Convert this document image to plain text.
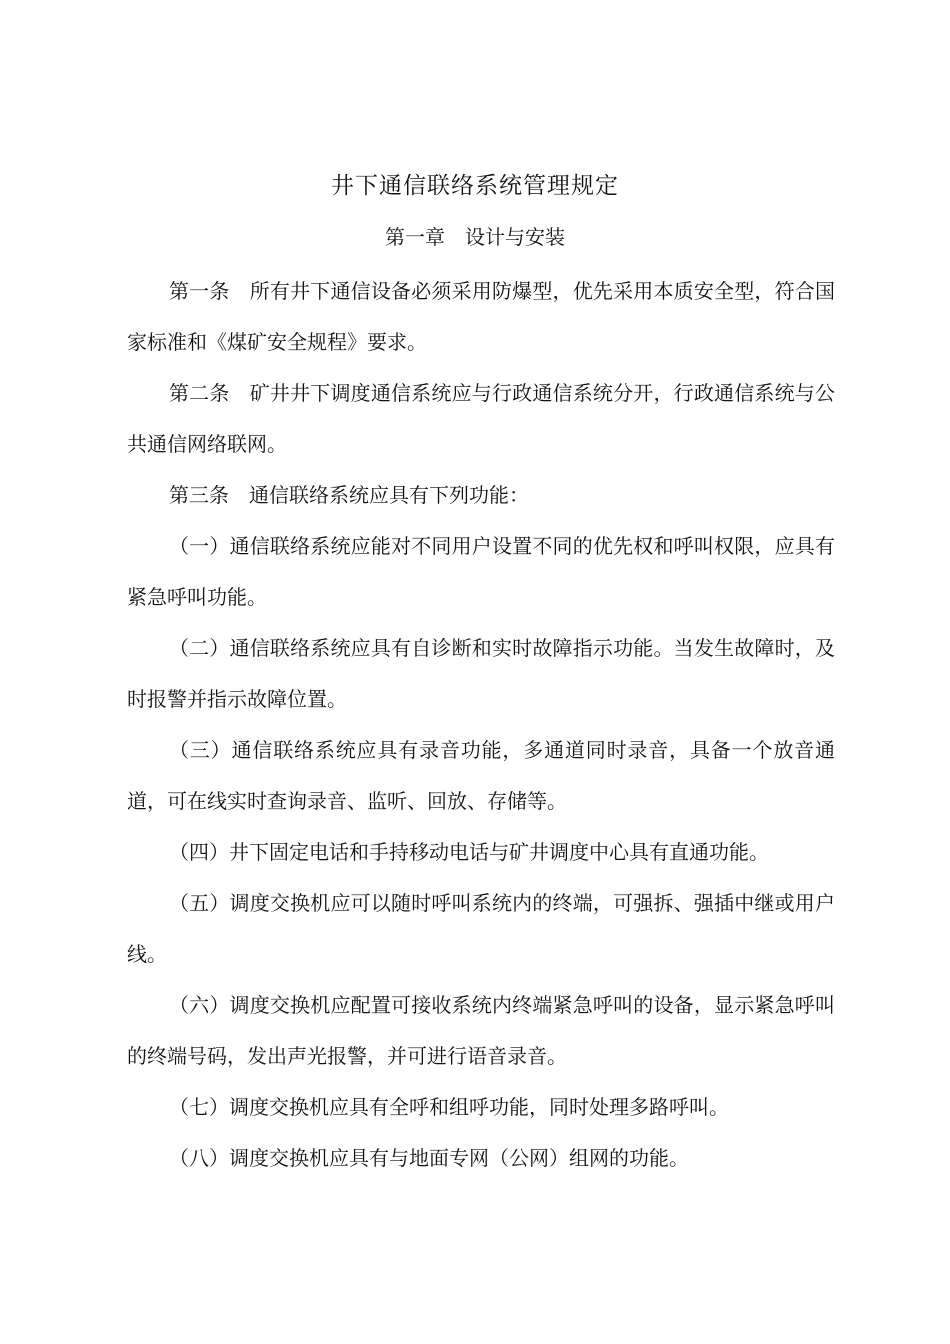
井下通信联络系统管理规定
第一章　设计与安装

第一条　所有井下通信设备必须采用防爆型，优先采用本质安全型，符合国家标准和《煤矿安全规程》要求。

第二条　矿井井下调度通信系统应与行政通信系统分开，行政通信系统与公共通信网络联网。

第三条　通信联络系统应具有下列功能：

（一）通信联络系统应能对不同用户设置不同的优先权和呼叫权限，应具有紧急呼叫功能。

（二）通信联络系统应具有自诊断和实时故障指示功能。当发生故障时，及时报警并指示故障位置。

（三）通信联络系统应具有录音功能，多通道同时录音，具备一个放音通道，可在线实时查询录音、监听、回放、存储等。

（四）井下固定电话和手持移动电话与矿井调度中心具有直通功能。

（五）调度交换机应可以随时呼叫系统内的终端，可强拆、强插中继或用户线。

（六）调度交换机应配置可接收系统内终端紧急呼叫的设备，显示紧急呼叫的终端号码，发出声光报警，并可进行语音录音。

（七）调度交换机应具有全呼和组呼功能，同时处理多路呼叫。

（八）调度交换机应具有与地面专网（公网）组网的功能。
